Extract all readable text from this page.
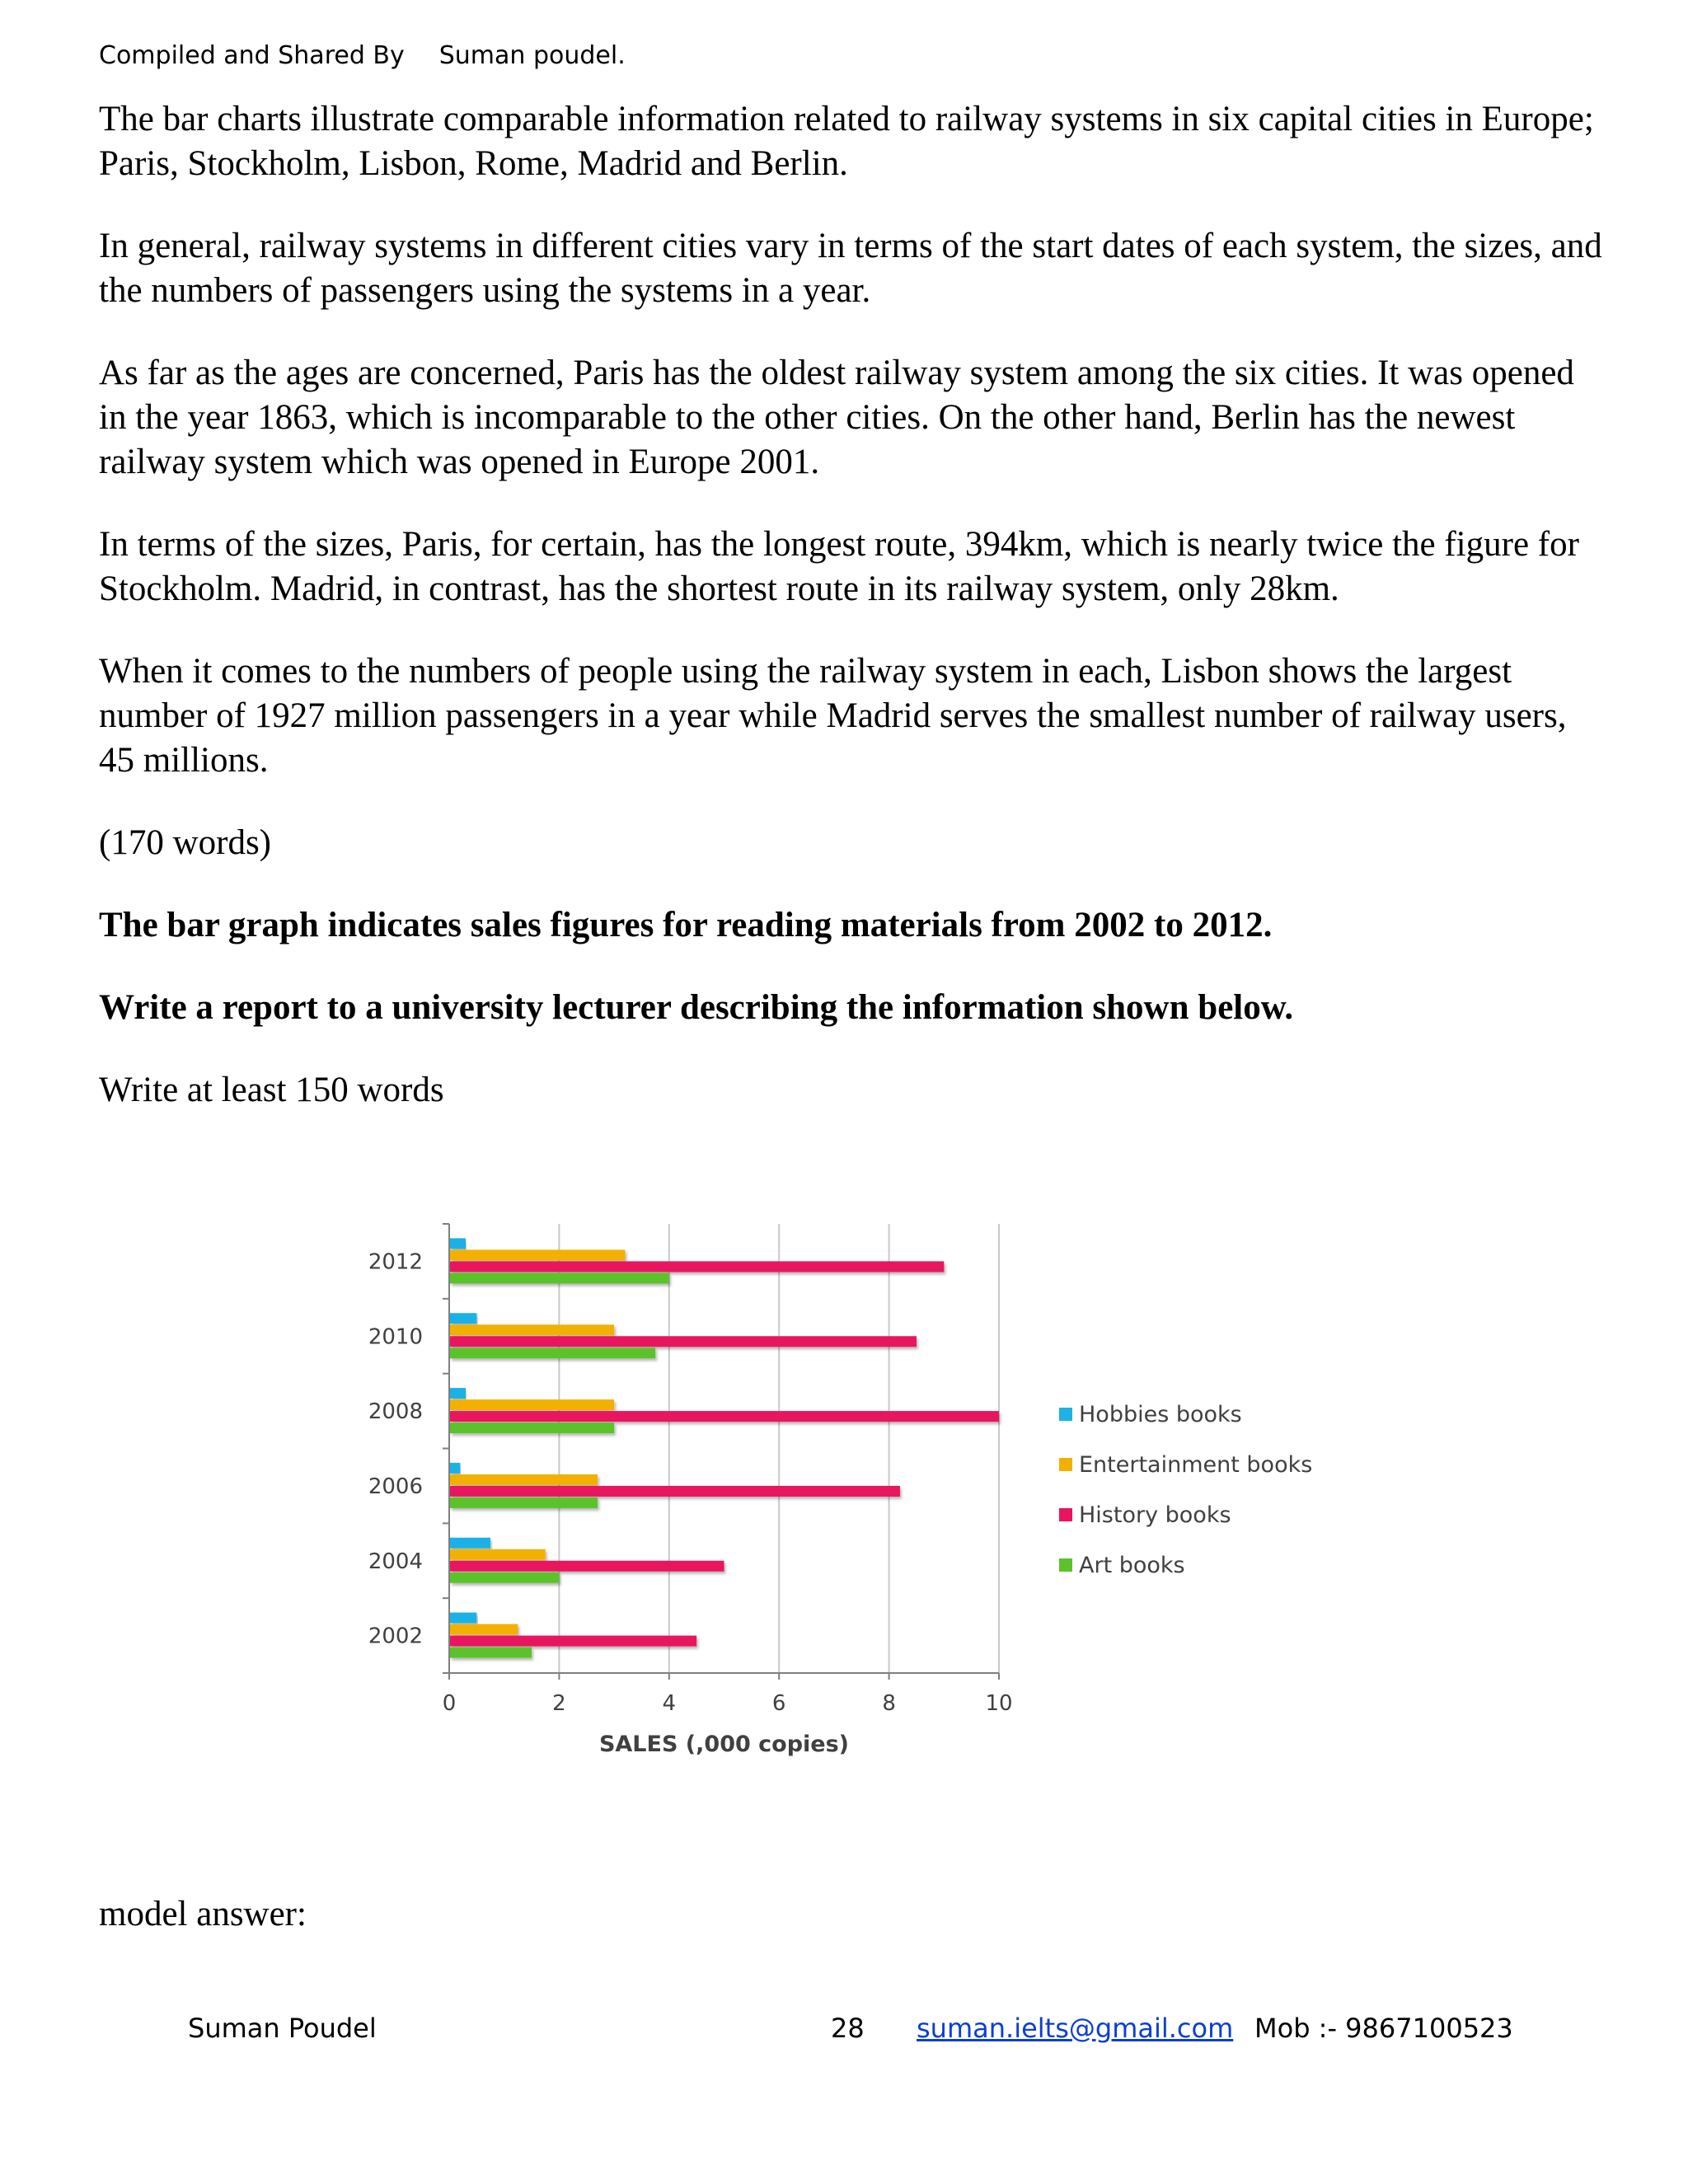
Compiled and Shared By Suman poudel.

The bar charts illustrate comparable information related to railway systems in six capital cities in Europe; Paris, Stockholm, Lisbon, Rome, Madrid and Berlin.

In general, railway systems in different cities vary in terms of the start dates of each system, the sizes, and the numbers of passengers using the systems in a year.

As far as the ages are concerned, Paris has the oldest railway system among the six cities. It was opened in the year 1863, which is incomparable to the other cities. On the other hand, Berlin has the newest railway system which was opened in Europe 2001.

In terms of the sizes, Paris, for certain, has the longest route, 394km, which is nearly twice the figure for Stockholm. Madrid, in contrast, has the shortest route in its railway system, only 28km.

When it comes to the numbers of people using the railway system in each, Lisbon shows the largest number of 1927 million passengers in a year while Madrid serves the smallest number of railway users, 45 millions.

(170 words)

The bar graph indicates sales figures for reading materials from 2002 to 2012.

Write a report to a university lecturer describing the information shown below.

Write at least 150 words

0	2	4	6	8	10
2012
2010
2008
2006
2004
2002
SALES (,000 copies)
Hobbies books
Entertainment books
History books
Art books
model answer:
Suman Poudel	28 suman.ielts@gmail.com Mob :- 9867100523
